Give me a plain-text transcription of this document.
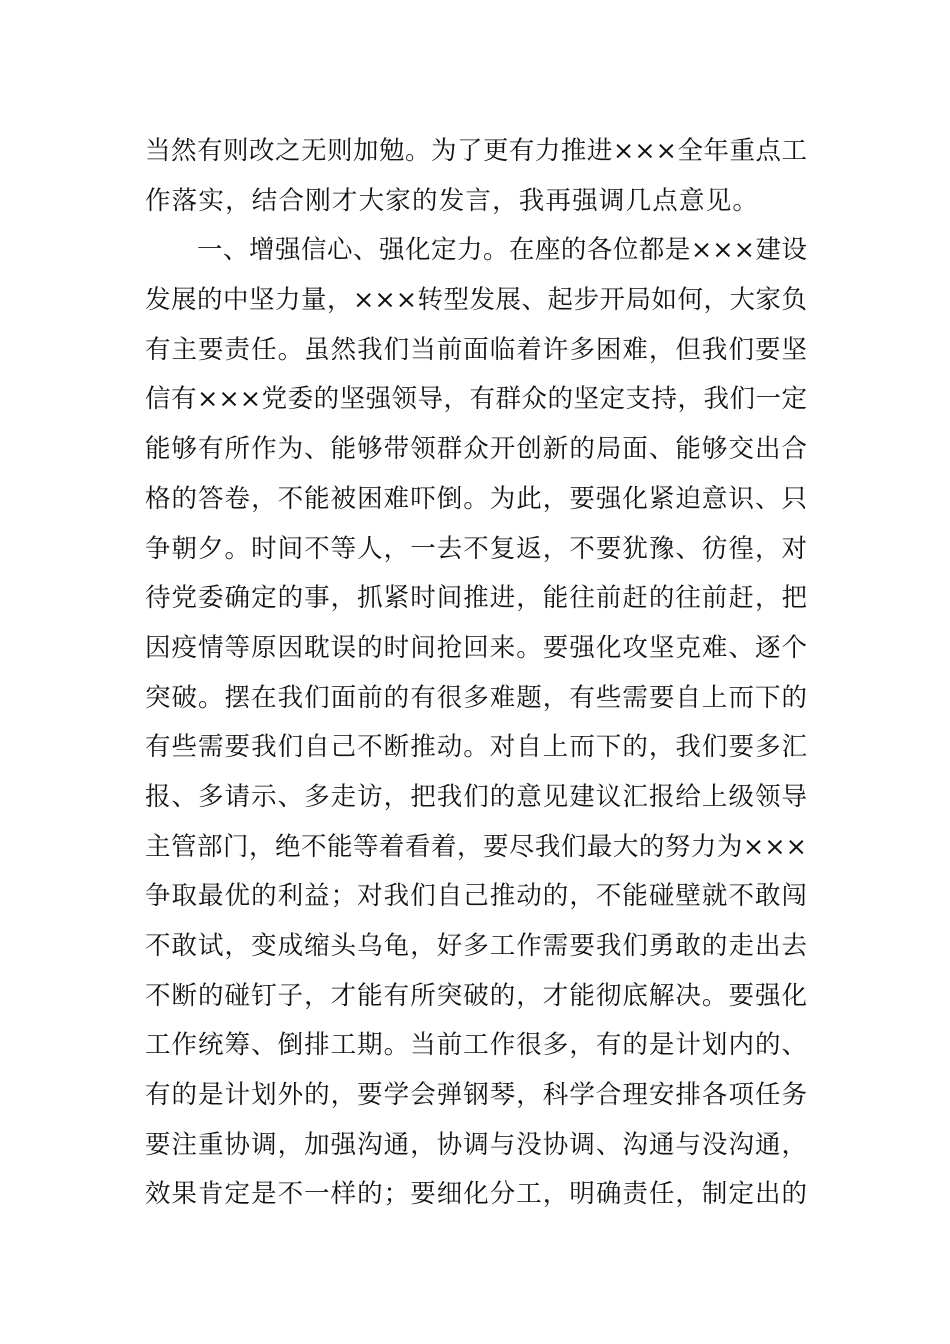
当然有则改之无则加勉。为了更有力推进×××全年重点工
作落实，结合刚才大家的发言，我再强调几点意见。
一、增强信心、强化定力。在座的各位都是×××建设
发展的中坚力量，×××转型发展、起步开局如何，大家负
有主要责任。虽然我们当前面临着许多困难，但我们要坚
信有×××党委的坚强领导，有群众的坚定支持，我们一定
能够有所作为、能够带领群众开创新的局面、能够交出合
格的答卷，不能被困难吓倒。为此，要强化紧迫意识、只
争朝夕。时间不等人，一去不复返，不要犹豫、彷徨，对
待党委确定的事，抓紧时间推进，能往前赶的往前赶，把
因疫情等原因耽误的时间抢回来。要强化攻坚克难、逐个
突破。摆在我们面前的有很多难题，有些需要自上而下的
有些需要我们自己不断推动。对自上而下的，我们要多汇
报、多请示、多走访，把我们的意见建议汇报给上级领导
主管部门，绝不能等着看着，要尽我们最大的努力为×××
争取最优的利益；对我们自己推动的，不能碰壁就不敢闯
不敢试，变成缩头乌龟，好多工作需要我们勇敢的走出去
不断的碰钉子，才能有所突破的，才能彻底解决。要强化
工作统筹、倒排工期。当前工作很多，有的是计划内的、
有的是计划外的，要学会弹钢琴，科学合理安排各项任务
要注重协调，加强沟通，协调与没协调、沟通与没沟通，
效果肯定是不一样的；要细化分工，明确责任，制定出的
